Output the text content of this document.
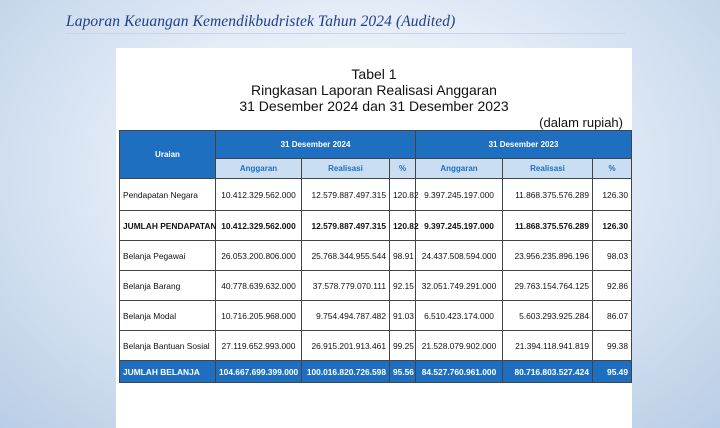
Laporan Keuangan Kemendikbudristek Tahun 2024 (Audited)
Tabel 1
Ringkasan Laporan Realisasi Anggaran
31 Desember 2024 dan 31 Desember 2023
(dalam rupiah)
Uraian	31 Desember 2024			31 Desember 2023		
	Anggaran	Realisasi	%	Anggaran	Realisasi	%
Pendapatan Negara	10.412.329.562.000	12.579.887.497.315	120.82	9.397.245.197.000	11.868.375.576.289	126.30
JUMLAH PENDAPATAN	10.412.329.562.000	12.579.887.497.315	120.82	9.397.245.197.000	11.868.375.576.289	126.30
Belanja Pegawai	26.053.200.806.000	25.768.344.955.544	98.91	24.437.508.594.000	23.956.235.896.196	98.03
Belanja Barang	40.778.639.632.000	37.578.779.070.111	92.15	32.051.749.291.000	29.763.154.764.125	92.86
Belanja Modal	10.716.205.968.000	9.754.494.787.482	91.03	6.510.423.174.000	5.603.293.925.284	86.07
Belanja Bantuan Sosial	27.119.652.993.000	26.915.201.913.461	99.25	21.528.079.902.000	21.394.118.941.819	99.38
JUMLAH BELANJA	104.667.699.399.000	100.016.820.726.598	95.56	84.527.760.961.000	80.716.803.527.424	95.49
